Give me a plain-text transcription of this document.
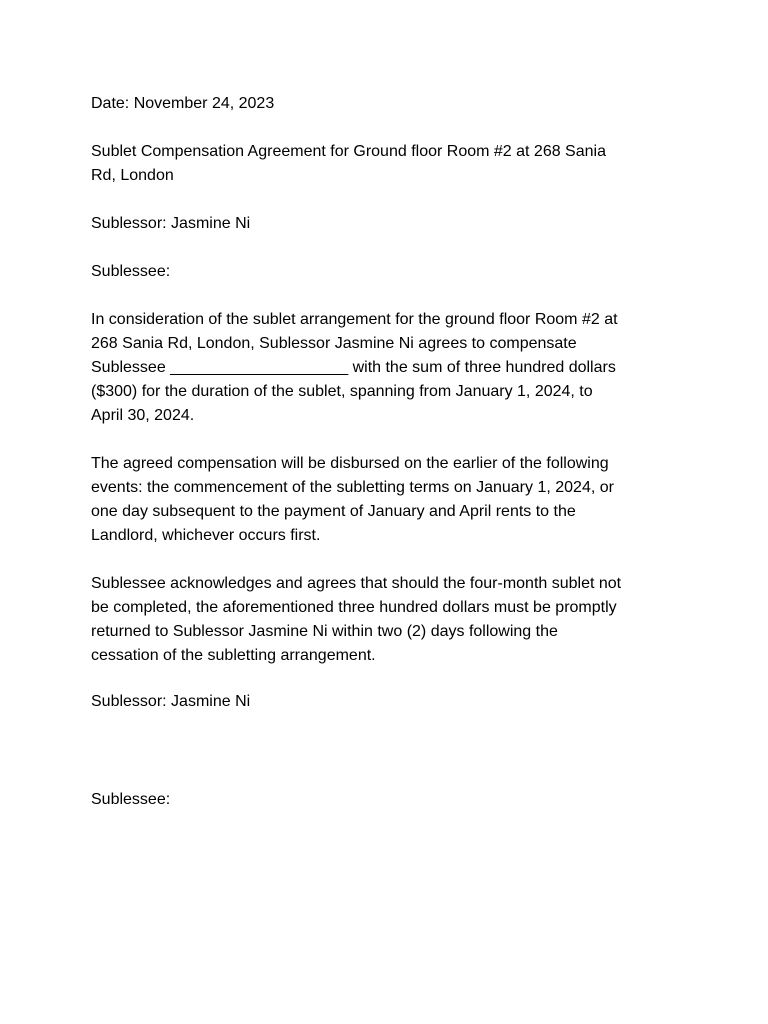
Date: November 24, 2023

Sublet Compensation Agreement for Ground floor Room #2 at 268 Sania
Rd, London

Sublessor: Jasmine Ni

Sublessee:

In consideration of the sublet arrangement for the ground floor Room #2 at
268 Sania Rd, London, Sublessor Jasmine Ni agrees to compensate
Sublessee ____________________ with the sum of three hundred dollars
($300) for the duration of the sublet, spanning from January 1, 2024, to
April 30, 2024.

The agreed compensation will be disbursed on the earlier of the following
events: the commencement of the subletting terms on January 1, 2024, or
one day subsequent to the payment of January and April rents to the
Landlord, whichever occurs first.

Sublessee acknowledges and agrees that should the four-month sublet not
be completed, the aforementioned three hundred dollars must be promptly
returned to Sublessor Jasmine Ni within two (2) days following the
cessation of the subletting arrangement.

Sublessor: Jasmine Ni

Sublessee:
